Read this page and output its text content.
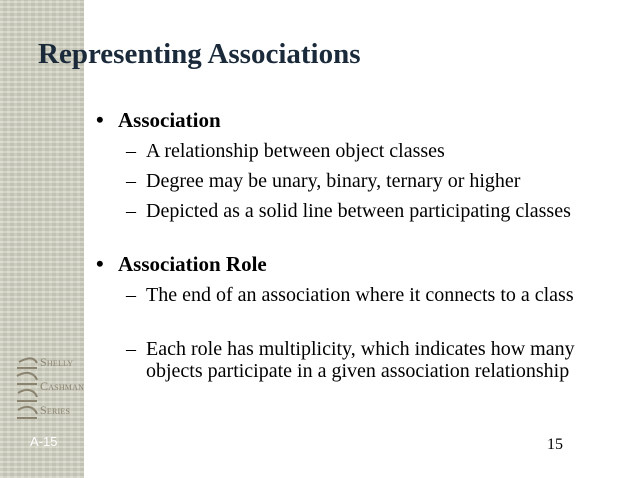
Representing Associations
• Association
– A relationship between object classes
– Degree may be unary, binary, ternary or higher
– Depicted as a solid line between participating classes
• Association Role
– The end of an association where it connects to a class
– Each role has multiplicity, which indicates how many objects participate in a given association relationship
Shelly
Cashman
Series
A-15	15
